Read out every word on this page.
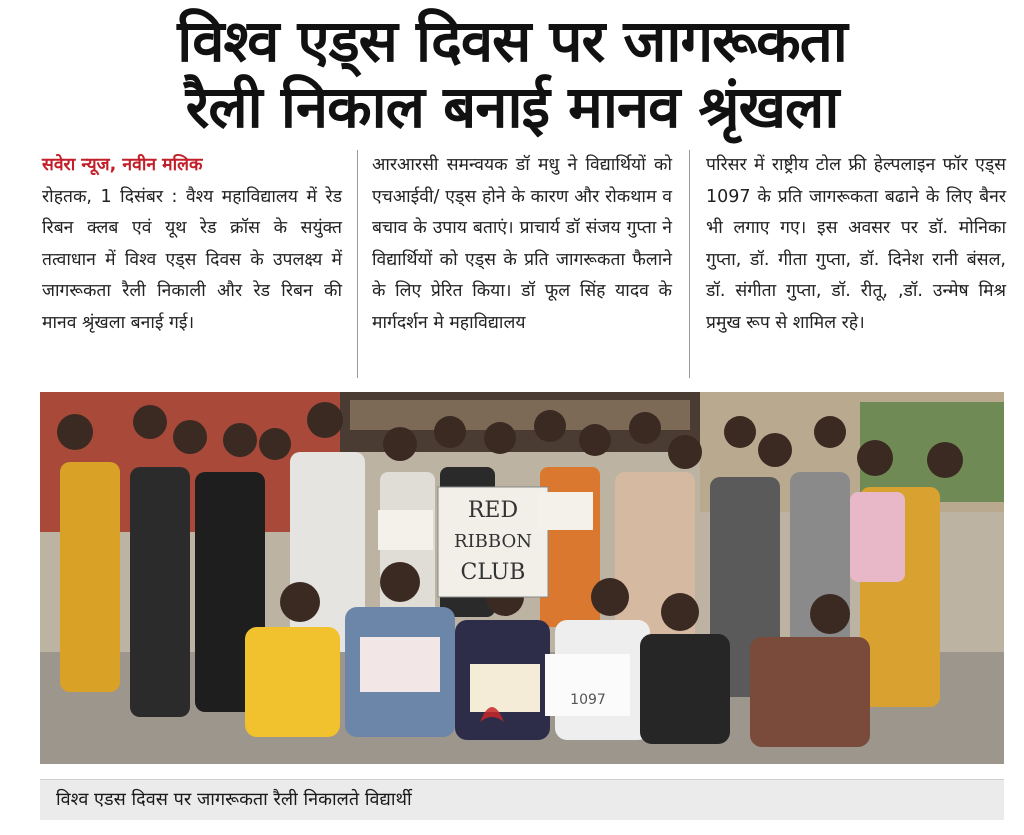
विश्व एड्स दिवस पर जागरूकता
रैली निकाल बनाई मानव श्रृंखला
सवेरा न्यूज, नवीन मलिक
रोहतक, 1 दिसंबर : वैश्य महाविद्यालय में रेड रिबन क्लब एवं यूथ रेड क्रॉस के सयुंक्त तत्वाधान में विश्व एड्स दिवस के उपलक्ष्य में जागरूकता रैली निकाली और रेड रिबन की मानव श्रृंखला बनाई गई।
आरआरसी समन्वयक डॉ मधु ने विद्यार्थियों को एचआईवी/ एड्स होने के कारण और रोकथाम व बचाव के उपाय बताएं। प्राचार्य डॉ संजय गुप्ता ने विद्यार्थियों को एड्स के प्रति जागरूकता फैलाने के लिए प्रेरित किया। डॉ फूल सिंह यादव के मार्गदर्शन मे महाविद्यालय
परिसर में राष्ट्रीय टोल फ्री हेल्पलाइन फॉर एड्स 1097 के प्रति जागरूकता बढाने के लिए बैनर भी लगाए गए। इस अवसर पर डॉ. मोनिका गुप्ता, डॉ. गीता गुप्ता, डॉ. दिनेश रानी बंसल, डॉ. संगीता गुप्ता, डॉ. रीतू, ,डॉ. उन्मेष मिश्र प्रमुख रूप से शामिल रहे।
RED
RIBBON
CLUB
1097
विश्व एडस दिवस पर जागरूकता रैली निकालते विद्यार्थी
